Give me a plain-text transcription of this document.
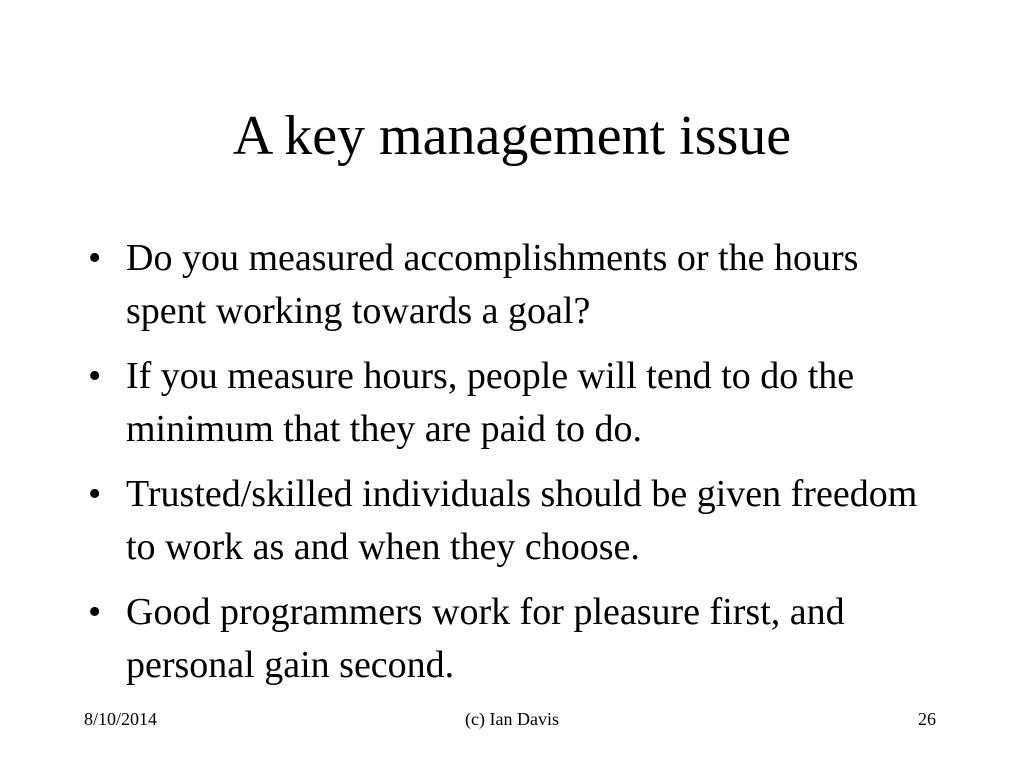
A key management issue
• Do you measured accomplishments or the hours spent working towards a goal?
• If you measure hours, people will tend to do the minimum that they are paid to do.
• Trusted/skilled individuals should be given freedom to work as and when they choose.
• Good programmers work for pleasure first, and personal gain second.
8/10/2014	(c) Ian Davis	26
